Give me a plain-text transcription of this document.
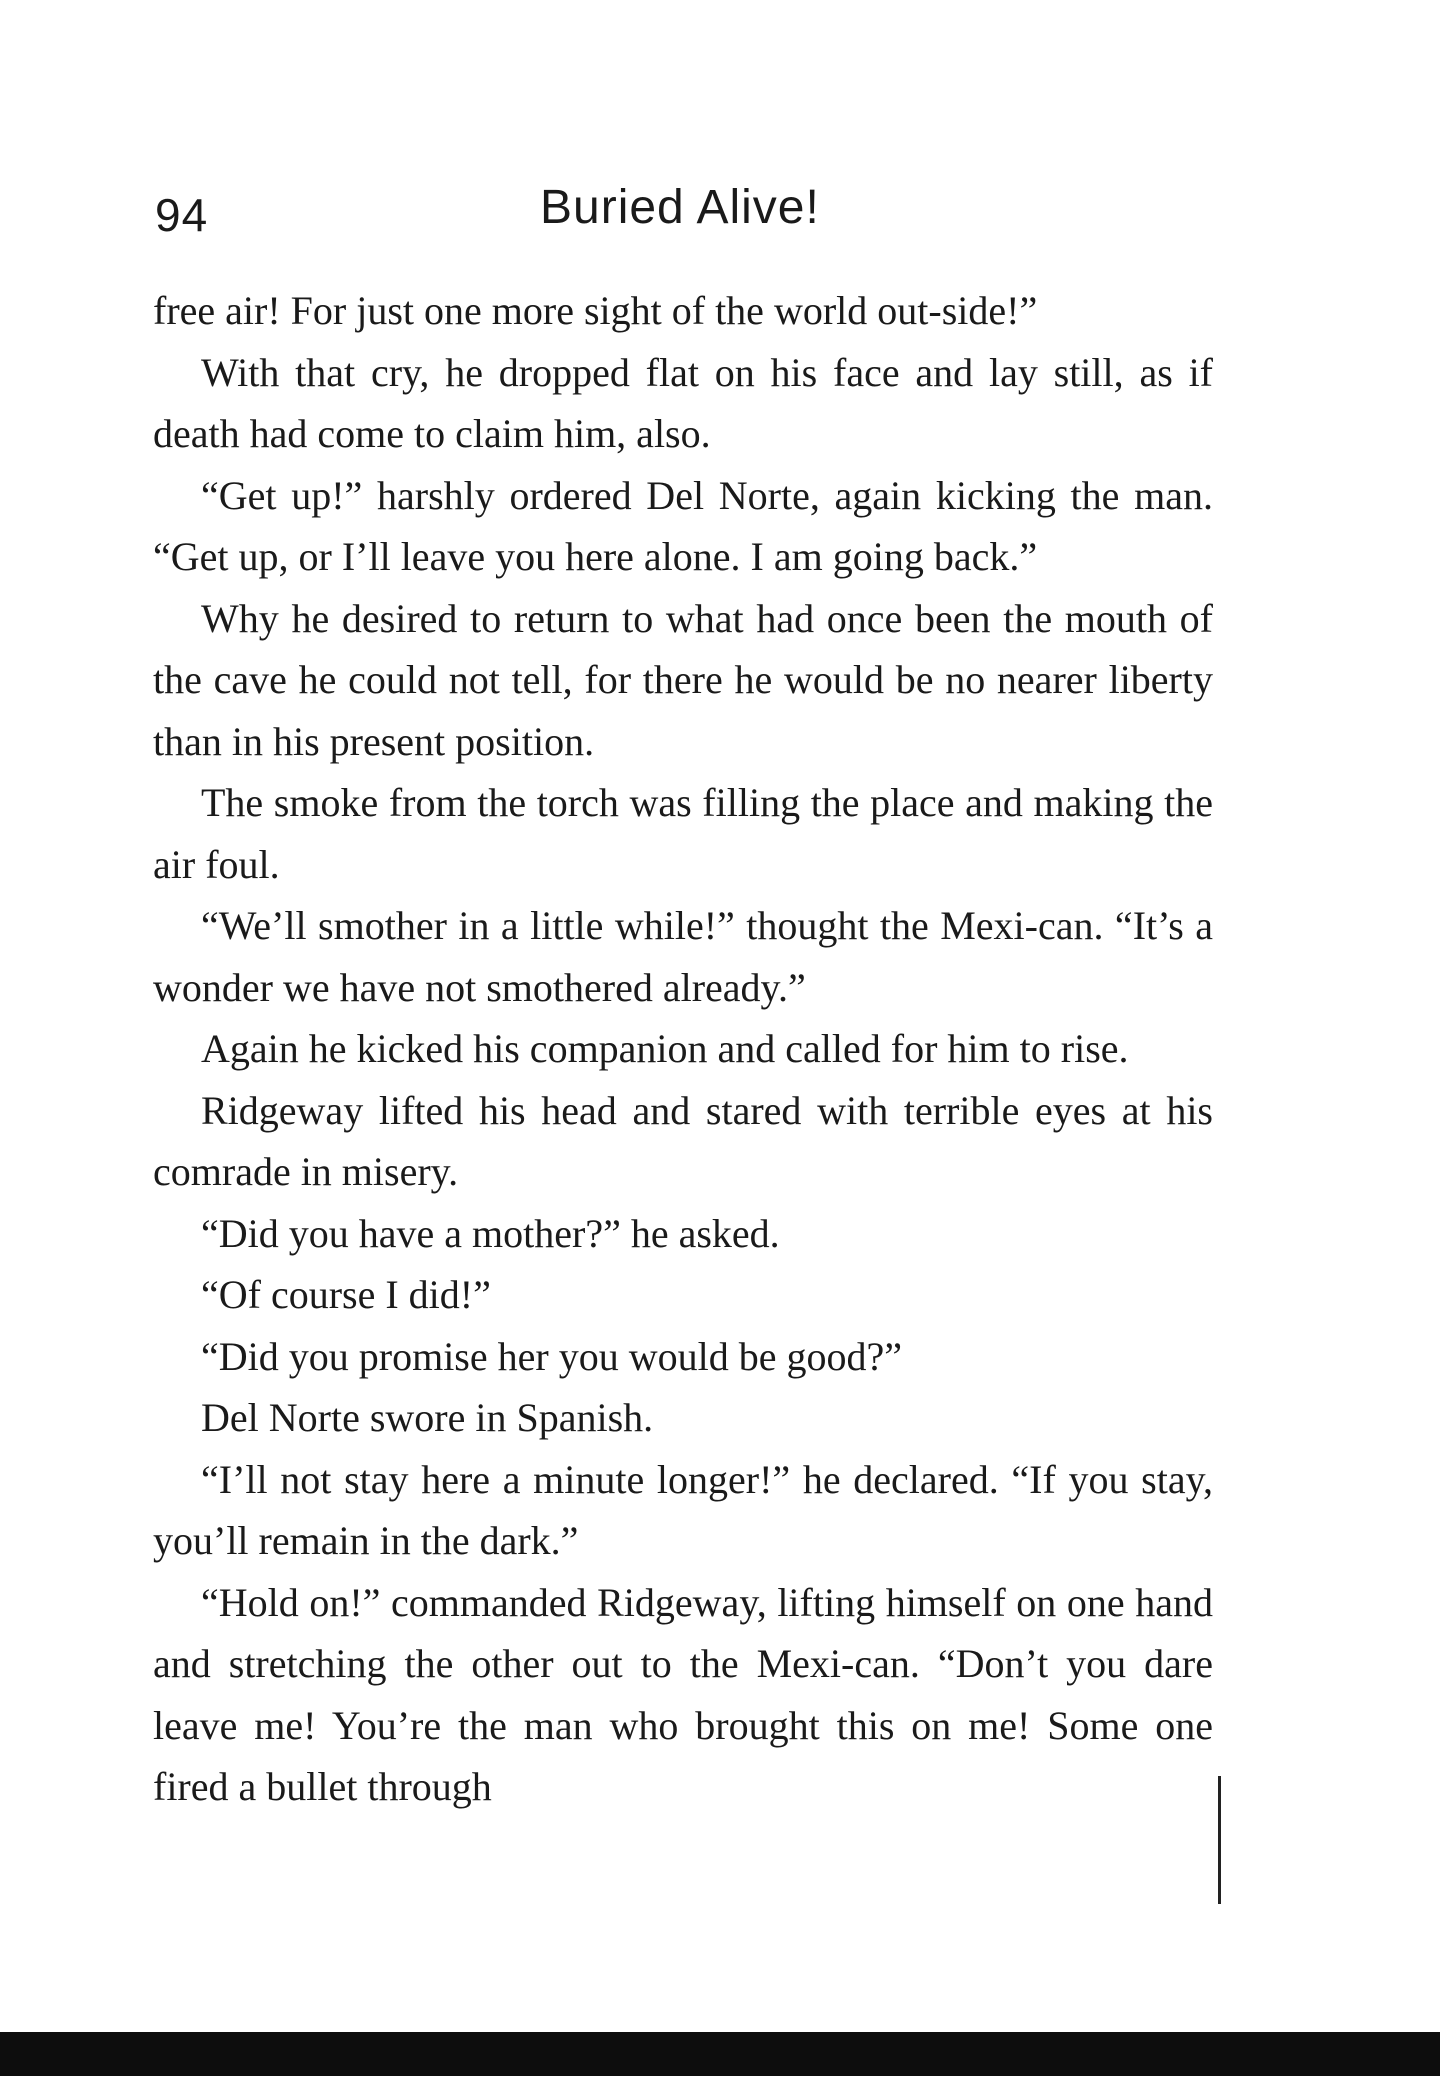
94	Buried Alive!

free air! For just one more sight of the world out-side!”

With that cry, he dropped flat on his face and lay still, as if death had come to claim him, also.

“Get up!” harshly ordered Del Norte, again kicking the man. “Get up, or I’ll leave you here alone. I am going back.”

Why he desired to return to what had once been the mouth of the cave he could not tell, for there he would be no nearer liberty than in his present position.

The smoke from the torch was filling the place and making the air foul.

“We’ll smother in a little while!” thought the Mexi-can. “It’s a wonder we have not smothered already.”

Again he kicked his companion and called for him to rise.

Ridgeway lifted his head and stared with terrible eyes at his comrade in misery.

“Did you have a mother?” he asked.

“Of course I did!”

“Did you promise her you would be good?”

Del Norte swore in Spanish.

“I’ll not stay here a minute longer!” he declared. “If you stay, you’ll remain in the dark.”

“Hold on!” commanded Ridgeway, lifting himself on one hand and stretching the other out to the Mexi-can. “Don’t you dare leave me! You’re the man who brought this on me! Some one fired a bullet through
